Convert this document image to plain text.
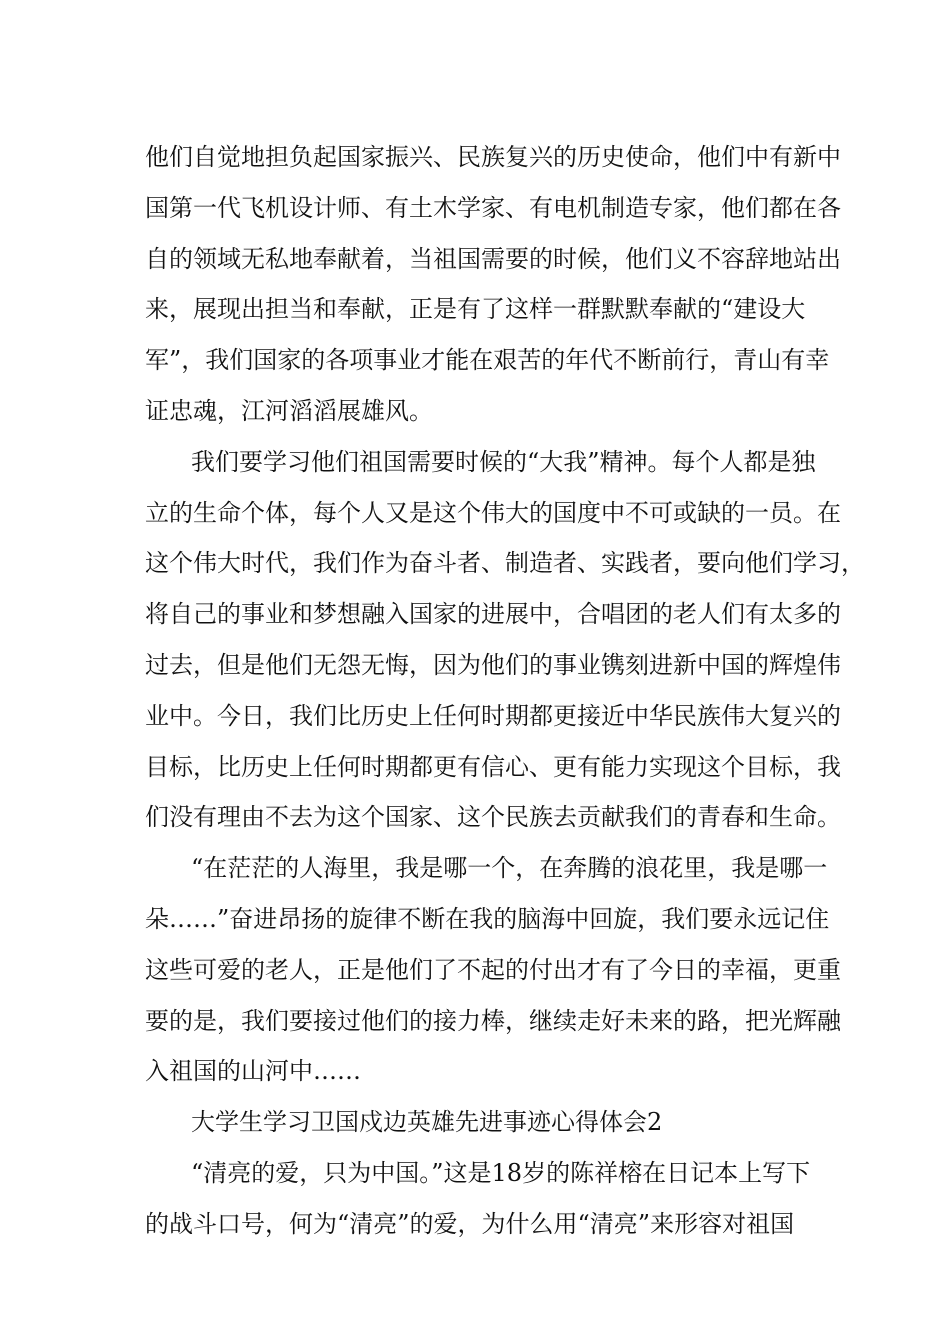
他们自觉地担负起国家振兴、民族复兴的历史使命，他们中有新中
国第一代飞机设计师、有土木学家、有电机制造专家，他们都在各
自的领域无私地奉献着，当祖国需要的时候，他们义不容辞地站出
来，展现出担当和奉献，正是有了这样一群默默奉献的“建设大
军”，我们国家的各项事业才能在艰苦的年代不断前行，青山有幸
证忠魂，江河滔滔展雄风。
我们要学习他们祖国需要时候的“大我”精神。每个人都是独
立的生命个体，每个人又是这个伟大的国度中不可或缺的一员。在
这个伟大时代，我们作为奋斗者、制造者、实践者，要向他们学习，
将自己的事业和梦想融入国家的进展中，合唱团的老人们有太多的
过去，但是他们无怨无悔，因为他们的事业镌刻进新中国的辉煌伟
业中。今日，我们比历史上任何时期都更接近中华民族伟大复兴的
目标，比历史上任何时期都更有信心、更有能力实现这个目标，我
们没有理由不去为这个国家、这个民族去贡献我们的青春和生命。
“在茫茫的人海里，我是哪一个，在奔腾的浪花里，我是哪一
朵……”奋进昂扬的旋律不断在我的脑海中回旋，我们要永远记住
这些可爱的老人，正是他们了不起的付出才有了今日的幸福，更重
要的是，我们要接过他们的接力棒，继续走好未来的路，把光辉融
入祖国的山河中……
大学生学习卫国戍边英雄先进事迹心得体会2
“清亮的爱，只为中国。”这是18岁的陈祥榕在日记本上写下
的战斗口号，何为“清亮”的爱，为什么用“清亮”来形容对祖国
